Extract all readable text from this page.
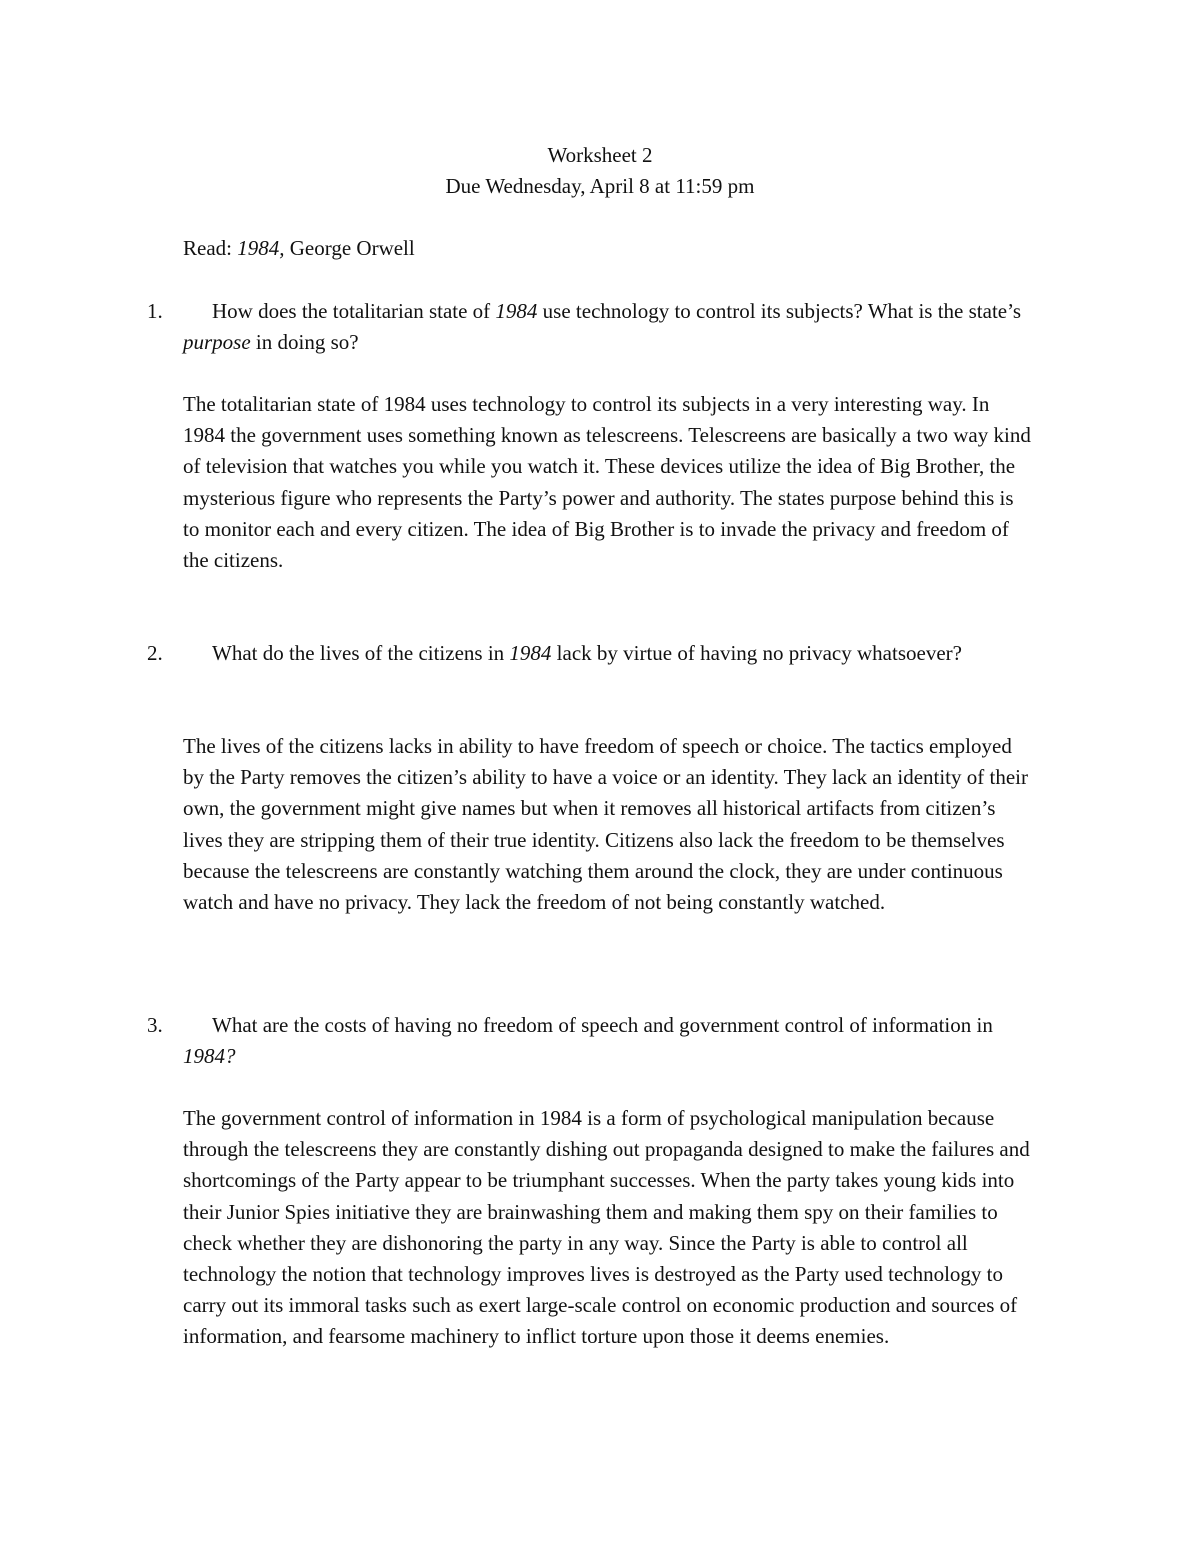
Worksheet 2
Due Wednesday, April 8 at 11:59 pm
Read: 1984, George Orwell
1.	How does the totalitarian state of 1984 use technology to control its subjects? What is the state’s purpose in doing so?

The totalitarian state of 1984 uses technology to control its subjects in a very interesting way. In 1984 the government uses something known as telescreens. Telescreens are basically a two way kind of television that watches you while you watch it. These devices utilize the idea of Big Brother, the mysterious figure who represents the Party’s power and authority. The states purpose behind this is to monitor each and every citizen. The idea of Big Brother is to invade the privacy and freedom of the citizens.

2.	What do the lives of the citizens in 1984 lack by virtue of having no privacy whatsoever?

The lives of the citizens lacks in ability to have freedom of speech or choice. The tactics employed by the Party removes the citizen’s ability to have a voice or an identity. They lack an identity of their own, the government might give names but when it removes all historical artifacts from citizen’s lives they are stripping them of their true identity. Citizens also lack the freedom to be themselves because the telescreens are constantly watching them around the clock, they are under continuous watch and have no privacy. They lack the freedom of not being constantly watched.

3.	What are the costs of having no freedom of speech and government control of information in 1984?

The government control of information in 1984 is a form of psychological manipulation because through the telescreens they are constantly dishing out propaganda designed to make the failures and shortcomings of the Party appear to be triumphant successes. When the party takes young kids into their Junior Spies initiative they are brainwashing them and making them spy on their families to check whether they are dishonoring the party in any way. Since the Party is able to control all technology the notion that technology improves lives is destroyed as the Party used technology to carry out its immoral tasks such as exert large-scale control on economic production and sources of information, and fearsome machinery to inflict torture upon those it deems enemies.
